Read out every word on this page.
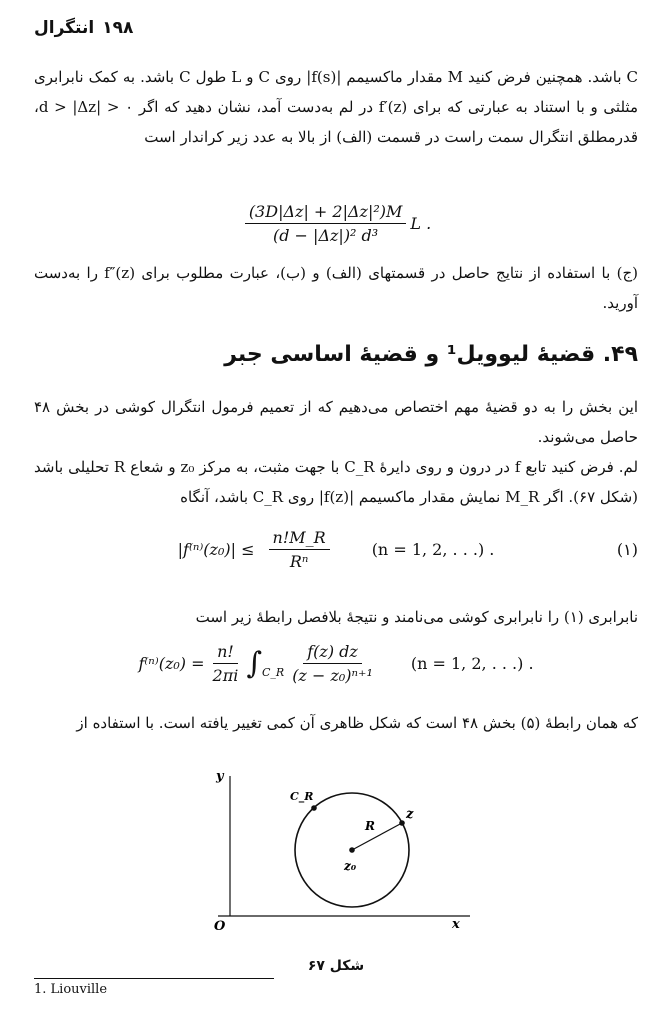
۱۹۸
انتگرال
C باشد. همچنین فرض کنید M مقدار ماکسیمم |f(s)| روی C و L طول C باشد. به کمک نابرابری مثلثی و با استناد به عبارتی که برای f′(z) در لم به‌دست آمد، نشان دهید که اگر d > |Δz| > ۰، قدرمطلق انتگرال سمت راست در قسمت (الف) از بالا به عدد زیر کراندار است
$\frac{\text{(3D|Δz| + 2|Δz|²)M}}{\text{(d − |Δz|)² d³}}$ L .
(ج) با استفاده از نتایج حاصل در قسمتهای (الف) و (ب)، عبارت مطلوب برای f″(z) را به‌دست آورید.
۴۹. قضیهٔ لیوویل¹ و قضیهٔ اساسی جبر
این بخش را به دو قضیهٔ مهم اختصاص می‌دهیم که از تعمیم فرمول انتگرال کوشی در بخش ۴۸ حاصل می‌شوند.
لم. فرض کنید تابع f در درون و روی دایرهٔ C_R با جهت مثبت، به مرکز z₀ و شعاع R تحلیلی باشد (شکل ۶۷). اگر M_R نمایش مقدار ماکسیمم |f(z)| روی C_R باشد، آنگاه
$|f^{(n)}(z_0)| \le \frac{n!M\_R}{\text{Rⁿ}}$	(n = 1, 2, . . .) .	(۱)
نابرابری (۱) را نابرابری کوشی می‌نامند و نتیجهٔ بلافصل رابطهٔ زیر است
$f^{(n)}(z_0) = \frac{n!}{2\pi i}$ ∫ C_R $\frac{f(z) dz}{\text{(z − z₀)ⁿ⁺¹}} (n = 1$, 2, . . .) .
که همان رابطهٔ (۵) بخش ۴۸ است که شکل ظاهری آن کمی تغییر یافته است. با استفاده از
y
x
O
C_R
z
R
z₀
شکل ۶۷
1. Liouville
